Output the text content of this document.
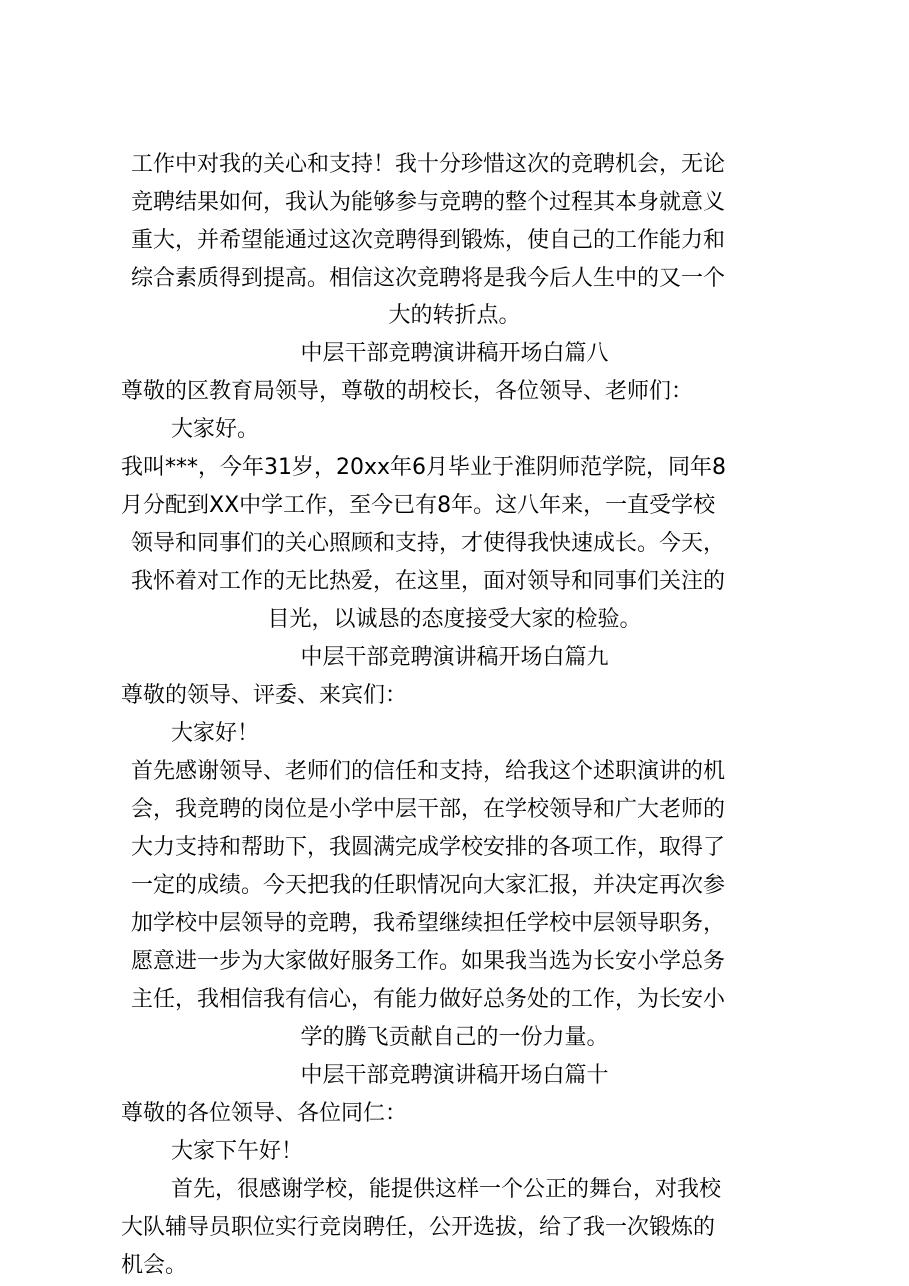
工作中对我的关心和支持！我十分珍惜这次的竞聘机会，无论
竞聘结果如何，我认为能够参与竞聘的整个过程其本身就意义
重大，并希望能通过这次竞聘得到锻炼，使自己的工作能力和
综合素质得到提高。相信这次竞聘将是我今后人生中的又一个
大的转折点。
中层干部竞聘演讲稿开场白篇八
尊敬的区教育局领导，尊敬的胡校长，各位领导、老师们：
大家好。
我叫***，今年31岁，20xx年6月毕业于淮阴师范学院，同年8
月分配到XX中学工作，至今已有8年。这八年来，一直受学校
领导和同事们的关心照顾和支持，才使得我快速成长。今天，
我怀着对工作的无比热爱，在这里，面对领导和同事们关注的
目光，以诚恳的态度接受大家的检验。
中层干部竞聘演讲稿开场白篇九
尊敬的领导、评委、来宾们：
大家好！
首先感谢领导、老师们的信任和支持，给我这个述职演讲的机
会，我竞聘的岗位是小学中层干部，在学校领导和广大老师的
大力支持和帮助下，我圆满完成学校安排的各项工作，取得了
一定的成绩。今天把我的任职情况向大家汇报，并决定再次参
加学校中层领导的竞聘，我希望继续担任学校中层领导职务，
愿意进一步为大家做好服务工作。如果我当选为长安小学总务
主任，我相信我有信心，有能力做好总务处的工作，为长安小
学的腾飞贡献自己的一份力量。
中层干部竞聘演讲稿开场白篇十
尊敬的各位领导、各位同仁：
大家下午好！
首先，很感谢学校，能提供这样一个公正的舞台，对我校
大队辅导员职位实行竞岗聘任，公开选拔，给了我一次锻炼的
机会。
